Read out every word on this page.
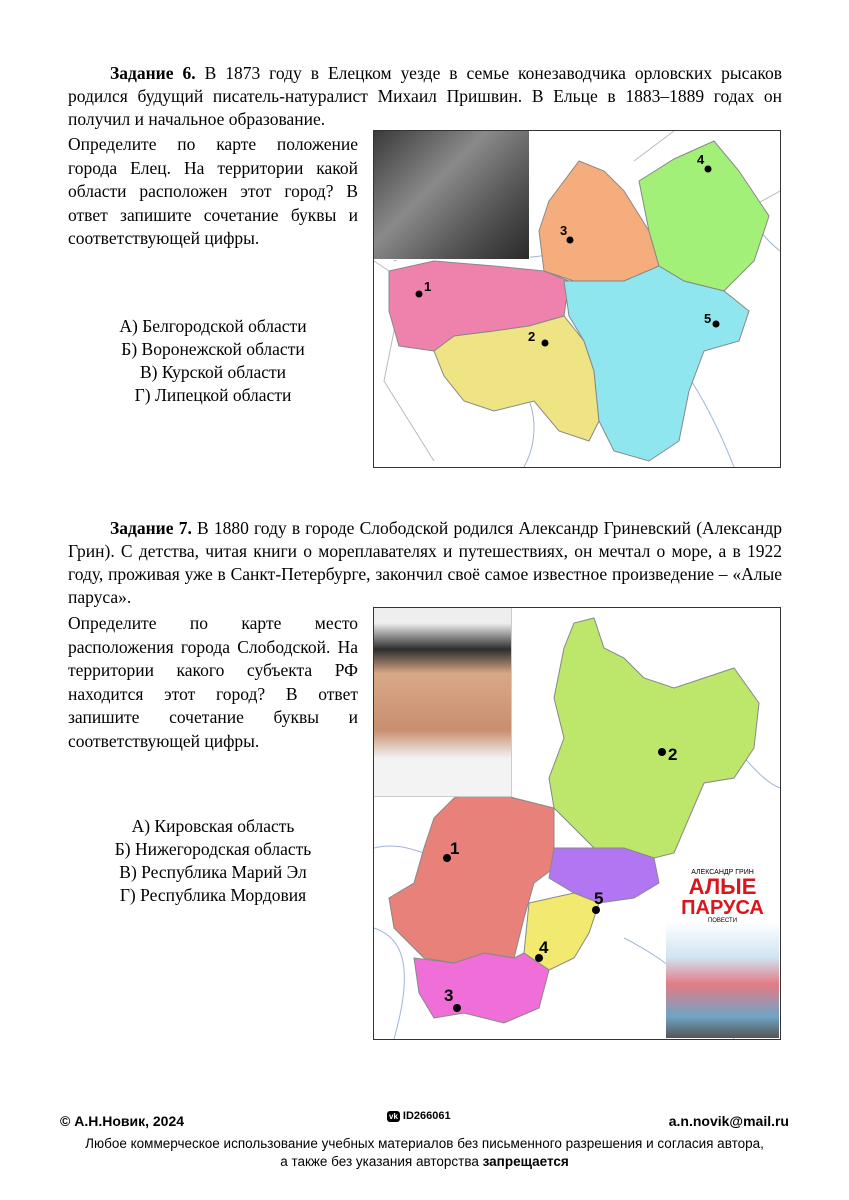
Задание 6. В 1873 году в Елецком уезде в семье конезаводчика орловских рысаков родился будущий писатель-натуралист Михаил Пришвин. В Ельце в 1883–1889 годах он получил и начальное образование.
Определите по карте положение города Елец. На территории какой области расположен этот город? В ответ запишите сочетание буквы и соответствующей цифры.
А) Белгородской области
Б) Воронежской области
В) Курской области
Г) Липецкой области
1
2
3
4
5
Задание 7. В 1880 году в городе Слободской родился Александр Гриневский (Александр Грин). С детства, читая книги о мореплавателях и путешествиях, он мечтал о море, а в 1922 году, проживая уже в Санкт-Петербурге, закончил своё самое известное произведение – «Алые паруса».
Определите по карте место расположения города Слободской. На территории какого субъекта РФ находится этот город? В ответ запишите сочетание буквы и соответствующей цифры.
А) Кировская область
Б) Нижегородская область
В) Республика Марий Эл
Г) Республика Мордовия
1
2
3
4
5
АЛЕКСАНДР ГРИН
АЛЫЕ
ПАРУСА
ПОВЕСТИ
© А.Н.Новик, 2024	vk ID266061	a.n.novik@mail.ru
Любое коммерческое использование учебных материалов без письменного разрешения и согласия автора,
а также без указания авторства запрещается
